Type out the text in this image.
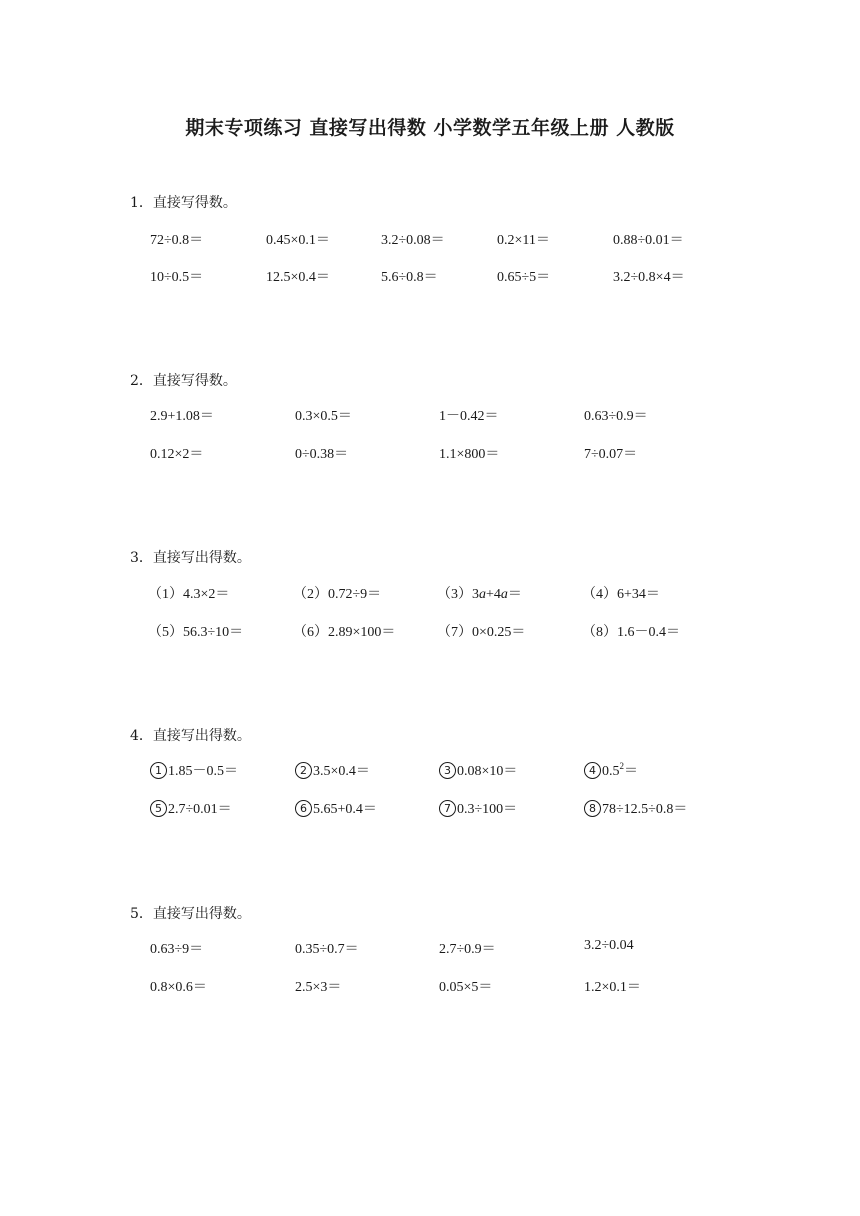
期末专项练习 直接写出得数 小学数学五年级上册 人教版
1．直接写得数。
72÷0.8＝	0.45×0.1＝	3.2÷0.08＝	0.2×11＝	0.88÷0.01＝
10÷0.5＝	12.5×0.4＝	5.6÷0.8＝	0.65÷5＝	3.2÷0.8×4＝
2．直接写得数。
2.9+1.08＝	0.3×0.5＝	1－0.42＝	0.63÷0.9＝
0.12×2＝	0÷0.38＝	1.1×800＝	7÷0.07＝
3．直接写出得数。
（1）4.3×2＝	（2）0.72÷9＝	（3）3a+4a＝	（4）6+34＝
（5）56.3÷10＝	（6）2.89×100＝	（7）0×0.25＝	（8）1.6－0.4＝
4．直接写出得数。
1 1.85－0.5＝	2 3.5×0.4＝	3 0.08×10＝	4 $0.5^2=$
5 2.7÷0.01＝	6 5.65+0.4＝	7 0.3÷100＝	8 78÷12.5÷0.8＝
5．直接写出得数。
0.63÷9＝	0.35÷0.7＝	2.7÷0.9＝	3.2÷0.04
0.8×0.6＝	2.5×3＝	0.05×5＝	1.2×0.1＝
